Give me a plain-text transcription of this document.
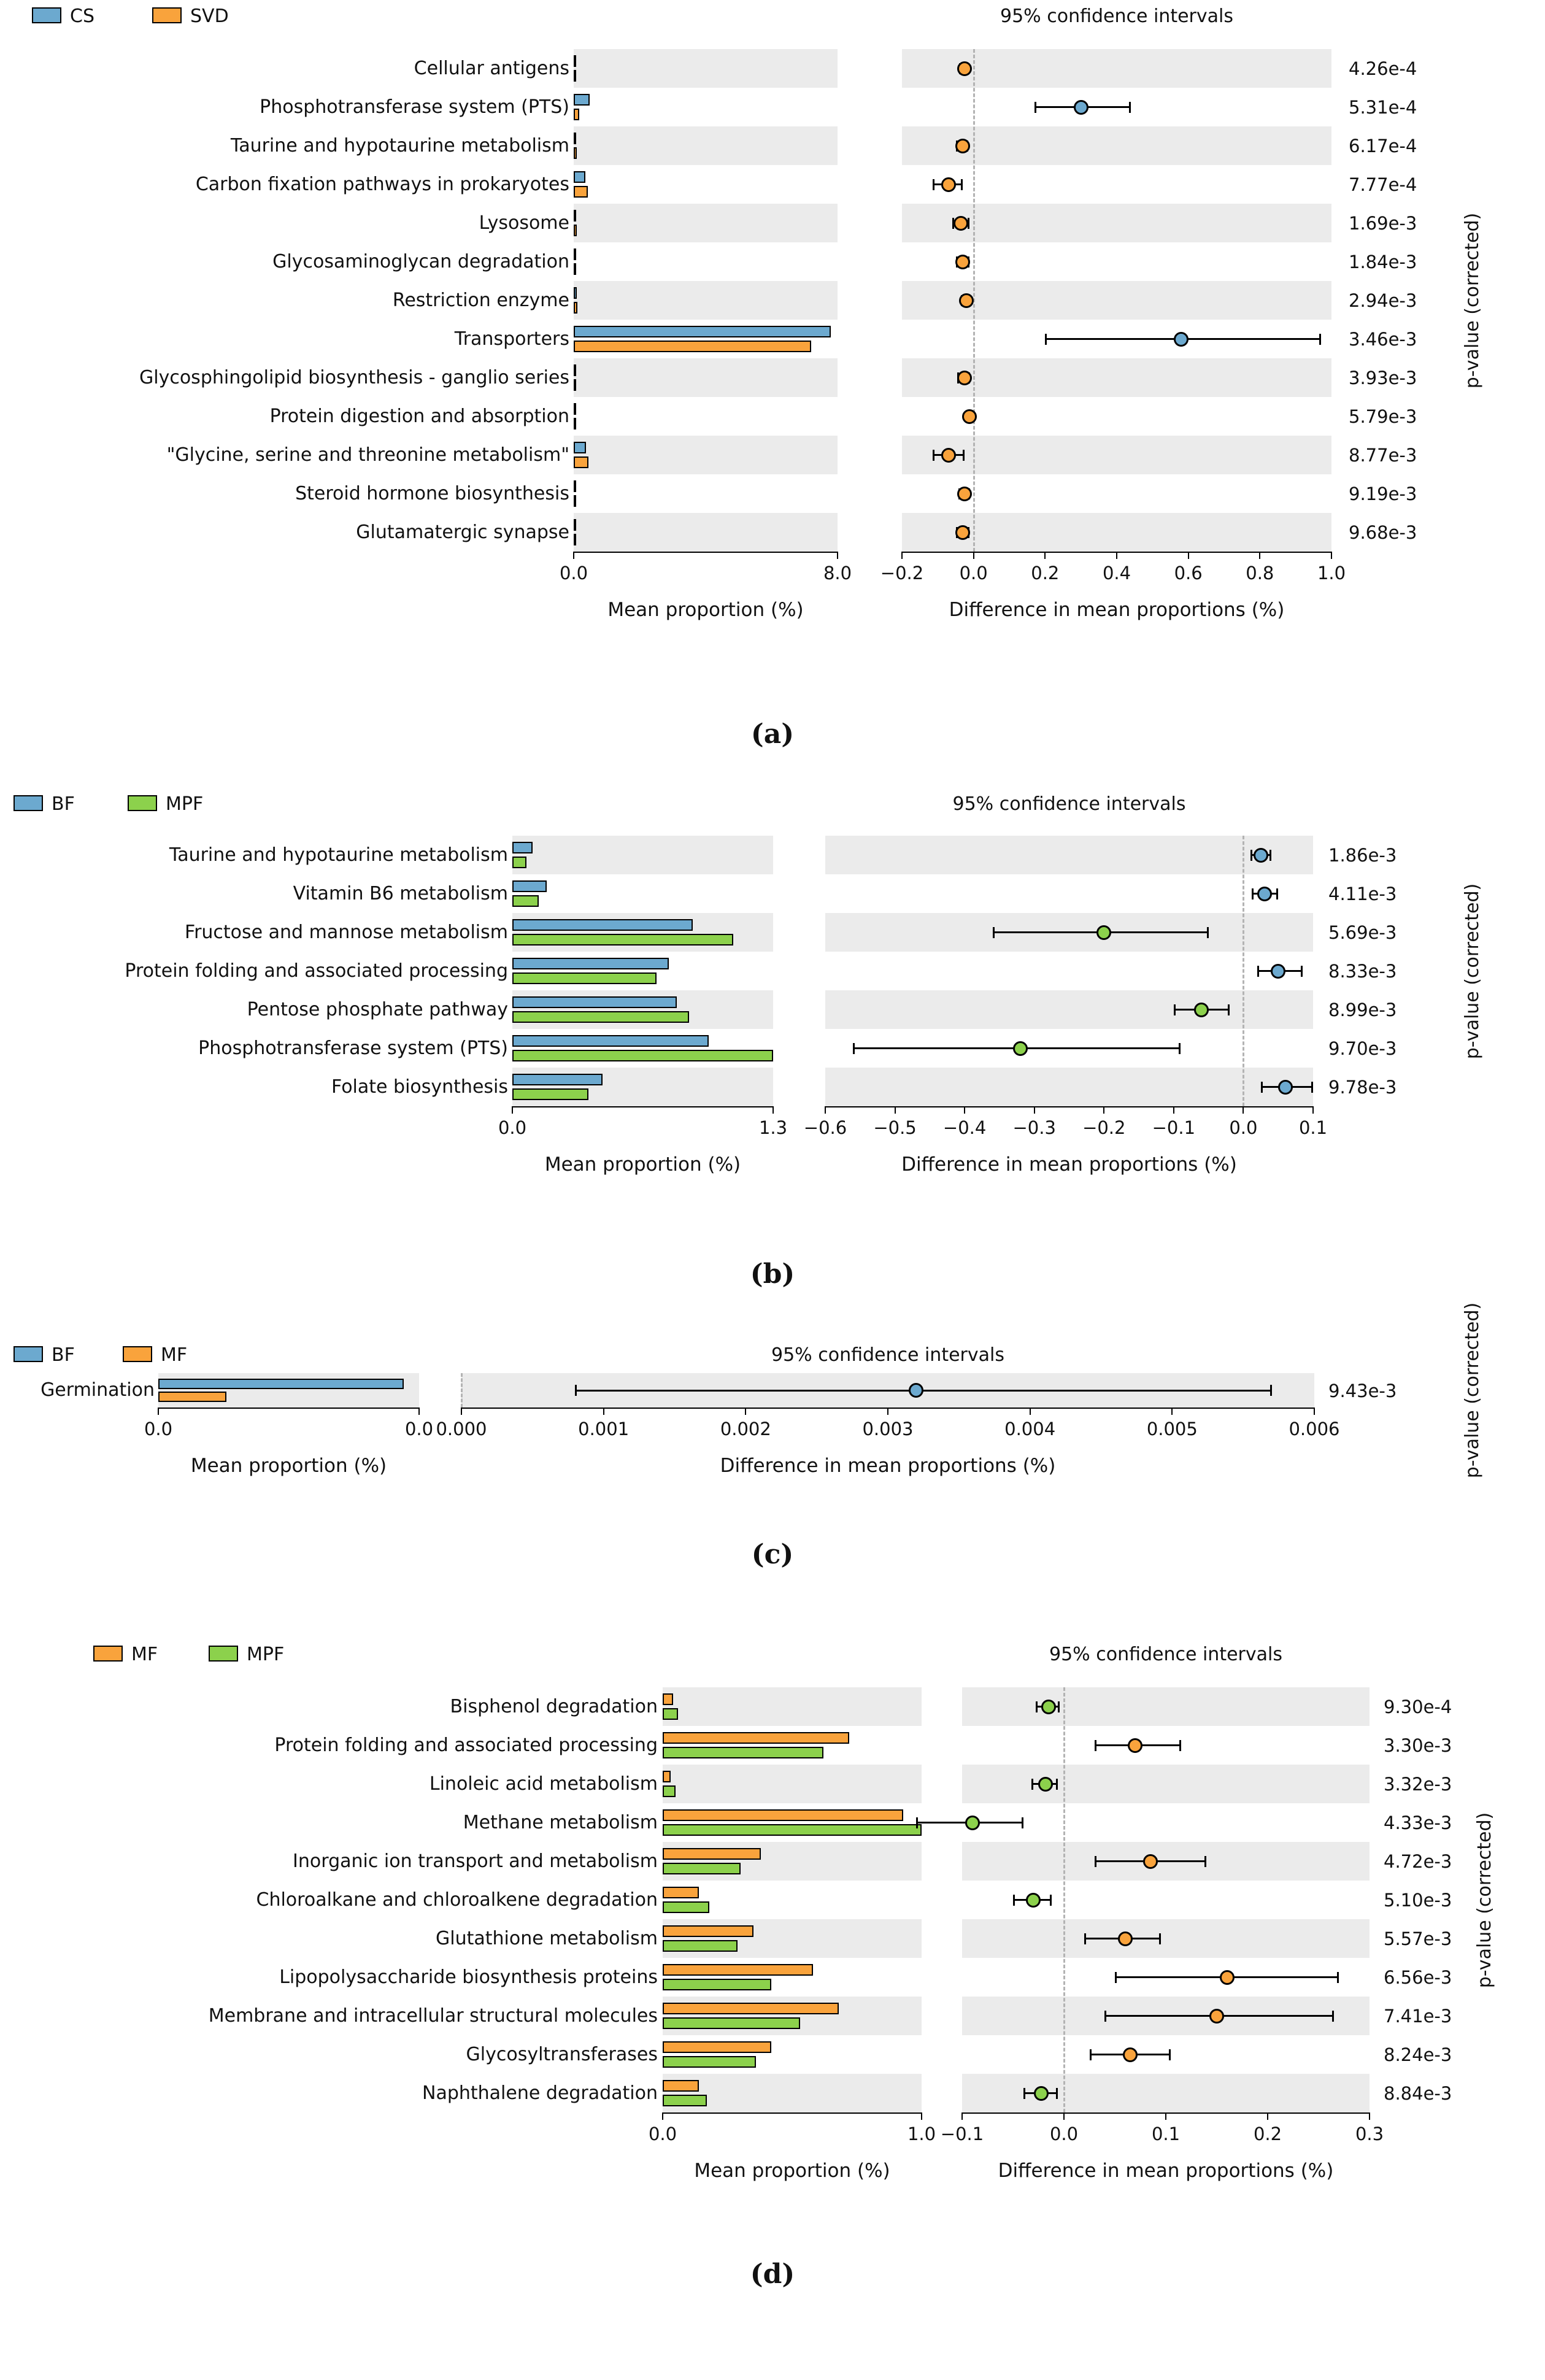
CS	SVD	95% confidence intervals
Cellular antigens	4.26e-4
Phosphotransferase system (PTS)	5.31e-4
Taurine and hypotaurine metabolism	6.17e-4
Carbon fixation pathways in prokaryotes	7.77e-4
Lysosome	1.69e-3
Glycosaminoglycan degradation	1.84e-3
Restriction enzyme	2.94e-3
Transporters	3.46e-3
Glycosphingolipid biosynthesis - ganglio series	3.93e-3
Protein digestion and absorption	5.79e-3
"Glycine, serine and threonine metabolism"	8.77e-3
Steroid hormone biosynthesis	9.19e-3
Glutamatergic synapse	9.68e-3
0.0	8.0	−0.2	0.0	0.2	0.4	0.6	0.8	1.0
Mean proportion (%)	Difference in mean proportions (%)
p-value (corrected)
(a)
BF	MPF	95% confidence intervals
Taurine and hypotaurine metabolism	1.86e-3
Vitamin B6 metabolism	4.11e-3
Fructose and mannose metabolism	5.69e-3
Protein folding and associated processing	8.33e-3
Pentose phosphate pathway	8.99e-3
Phosphotransferase system (PTS)	9.70e-3
Folate biosynthesis	9.78e-3
0.0	1.3 −0.6	−0.5	−0.4	−0.3	−0.2	−0.1	0.0	0.1
Mean proportion (%)	Difference in mean proportions (%)
p-value (corrected)
(b)
BF	MF	95% confidence intervals
Germination	9.43e-3
0.0	0.0 0.000	0.001	0.002	0.003	0.004	0.005	0.006
Mean proportion (%)	Difference in mean proportions (%)	p-value (corrected)
(c)
MF	MPF	95% confidence intervals
Bisphenol degradation	9.30e-4
Protein folding and associated processing	3.30e-3
Linoleic acid metabolism	3.32e-3
Methane metabolism	4.33e-3
Inorganic ion transport and metabolism	4.72e-3
Chloroalkane and chloroalkene degradation	5.10e-3
Glutathione metabolism	5.57e-3
Lipopolysaccharide biosynthesis proteins	6.56e-3
Membrane and intracellular structural molecules	7.41e-3
Glycosyltransferases	8.24e-3
Naphthalene degradation	8.84e-3
0.0	1.0 −0.1	0.0	0.1	0.2	0.3
Mean proportion (%)	Difference in mean proportions (%)
p-value (corrected)
(d)
